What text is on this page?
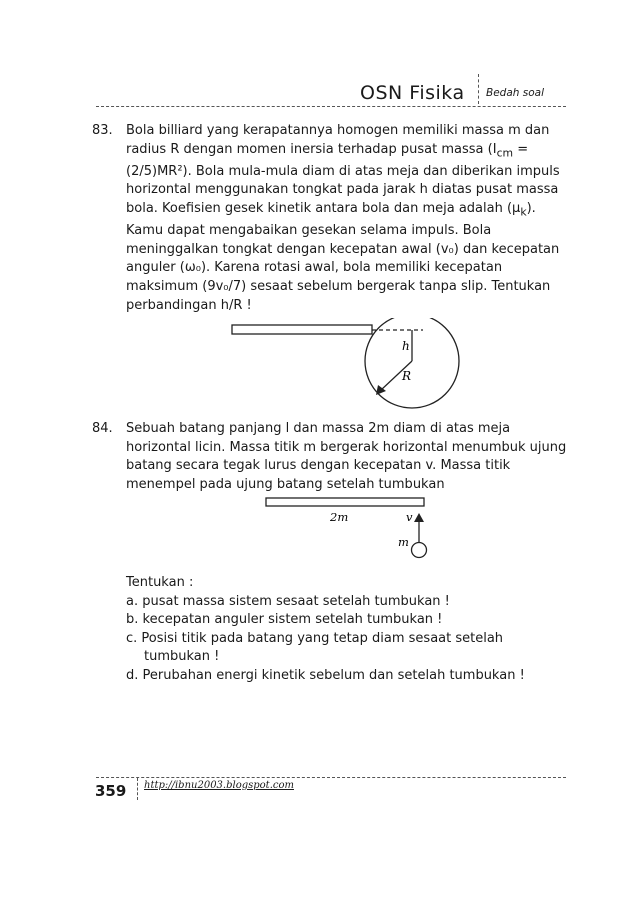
OSN Fisika Bedah soal
83. Bola billiard yang kerapatannya homogen memiliki massa m dan radius R dengan momen inersia terhadap pusat massa $(I_{cm} = (2/5)MR^2)$. Bola mula-mula diam di atas meja dan diberikan impuls horizontal menggunakan tongkat pada jarak h diatas pusat massa bola. Koefisien gesek kinetik antara bola dan meja adalah $(\mu_k)$. Kamu dapat mengabaikan gesekan selama impuls. Bola meninggalkan tongkat dengan kecepatan awal (v₀) dan kecepatan anguler (ω₀). Karena rotasi awal, bola memiliki kecepatan maksimum (9v₀/7) sesaat sebelum bergerak tanpa slip. Tentukan perbandingan h/R !

h
R
84. Sebuah batang panjang l dan massa 2m diam di atas meja horizontal licin. Massa titik m bergerak horizontal menumbuk ujung batang secara tegak lurus dengan kecepatan v. Massa titik menempel pada ujung batang setelah tumbukan

2m	v
m

Tentukan :

a. pusat massa sistem sesaat setelah tumbukan !

b. kecepatan anguler sistem setelah tumbukan !

c. Posisi titik pada batang yang tetap diam sesaat setelah tumbukan !

d. Perubahan energi kinetik sebelum dan setelah tumbukan !

359 http://ibnu2003.blogspot.com
